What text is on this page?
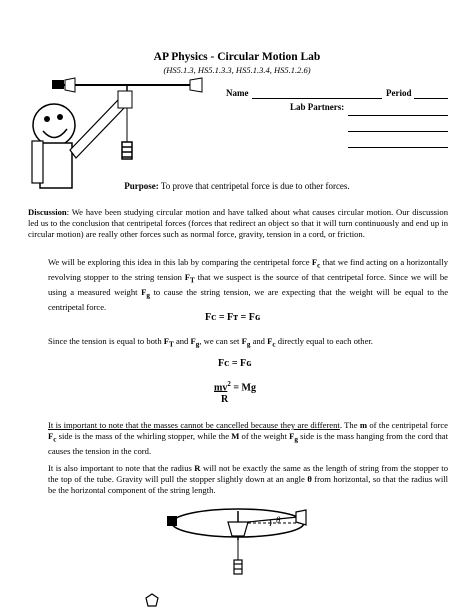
AP Physics - Circular Motion Lab
(HS5.1.3, HS5.1.3.3, HS5.1.3.4, HS5.1.2.6)
Name	Period
Lab Partners:
Purpose: To prove that centripetal force is due to other forces.
Discussion: We have been studying circular motion and have talked about what causes circular motion. Our discussion led us to the conclusion that centripetal forces (forces that redirect an object so that it will turn continuously and end up in circular motion) are really other forces such as normal force, gravity, tension in a cord, or friction.
We will be exploring this idea in this lab by comparing the centripetal force $F_c$ that we find acting on a horizontally revolving stopper to the string tension $F_T$ that we suspect is the source of that centripetal force. Since we will be using a measured weight $F_g$ to cause the string tension, we are expecting that the weight will be equal to the centripetal force.
Fᴄ = Fᴛ = Fɢ
Since the tension is equal to both $F_T$ and $F_g$, we can set $F_g$ and $F_c$ directly equal to each other.
Fᴄ = Fɢ
$mv^2 = Mg$
R
It is important to note that the masses cannot be cancelled because they are different. The m of the centripetal force $F_c$ side is the mass of the whirling stopper, while the M of the weight $F_g$ side is the mass hanging from the cord that causes the tension in the cord.
It is also important to note that the radius R will not be exactly the same as the length of string from the stopper to the top of the tube. Gravity will pull the stopper slightly down at an angle θ from horizontal, so that the radius will be the horizontal component of the string length.
θ
